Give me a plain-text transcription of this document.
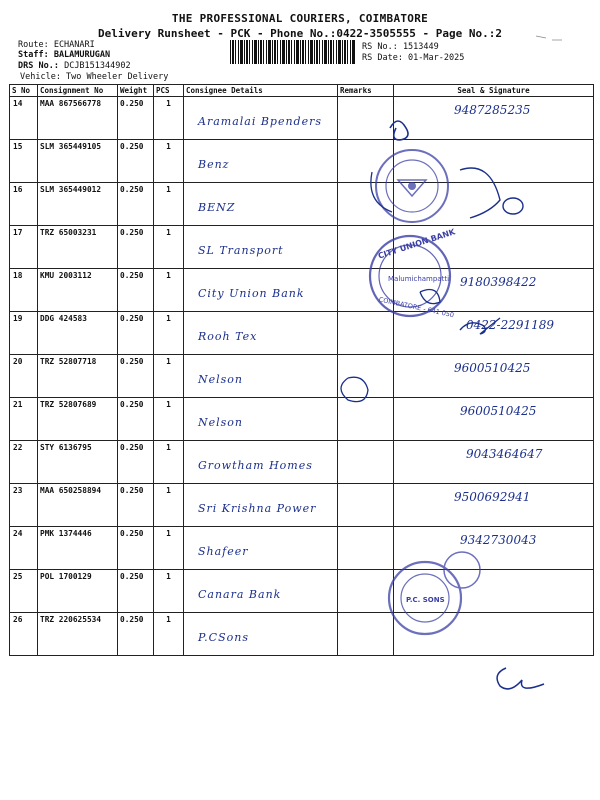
THE PROFESSIONAL COURIERS, COIMBATORE
Delivery Runsheet - PCK - Phone No.:0422-3505555 - Page No.:2
Route: ECHANARI
Staff: BALAMURUGAN
DRS No.: DCJB151344902
Vehicle: Two Wheeler Delivery
RS No.: 1513449
RS Date: 01-Mar-2025
S No	Consignment No	Weight	PCS	Consignee Details	Remarks	Seal & Signature
14	MAA 867566778	0.250	1	Aramalai Bpenders		9487285235

15	SLM 365449105	0.250	1	Benz		

16	SLM 365449012	0.250	1	BENZ		

17	TRZ 65003231	0.250	1	SL Transport		

18	KMU 2003112	0.250	1	City Union Bank		9180398422

19	DDG 424583	0.250	1	Rooh Tex		0422-2291189

20	TRZ 52807718	0.250	1	Nelson		9600510425

21	TRZ 52807689	0.250	1	Nelson		9600510425

22	STY 6136795	0.250	1	Growtham Homes		9043464647

23	MAA 650258894	0.250	1	Sri Krishna Power		9500692941

24	PMK 1374446	0.250	1	Shafeer		9342730043

25	POL 1700129	0.250	1	Canara Bank		

26	TRZ 220625534	0.250	1	P.CSons		

CITY UNION BANK
Malumichampatti
COIMBATORE - 641 050
P.C. SONS
